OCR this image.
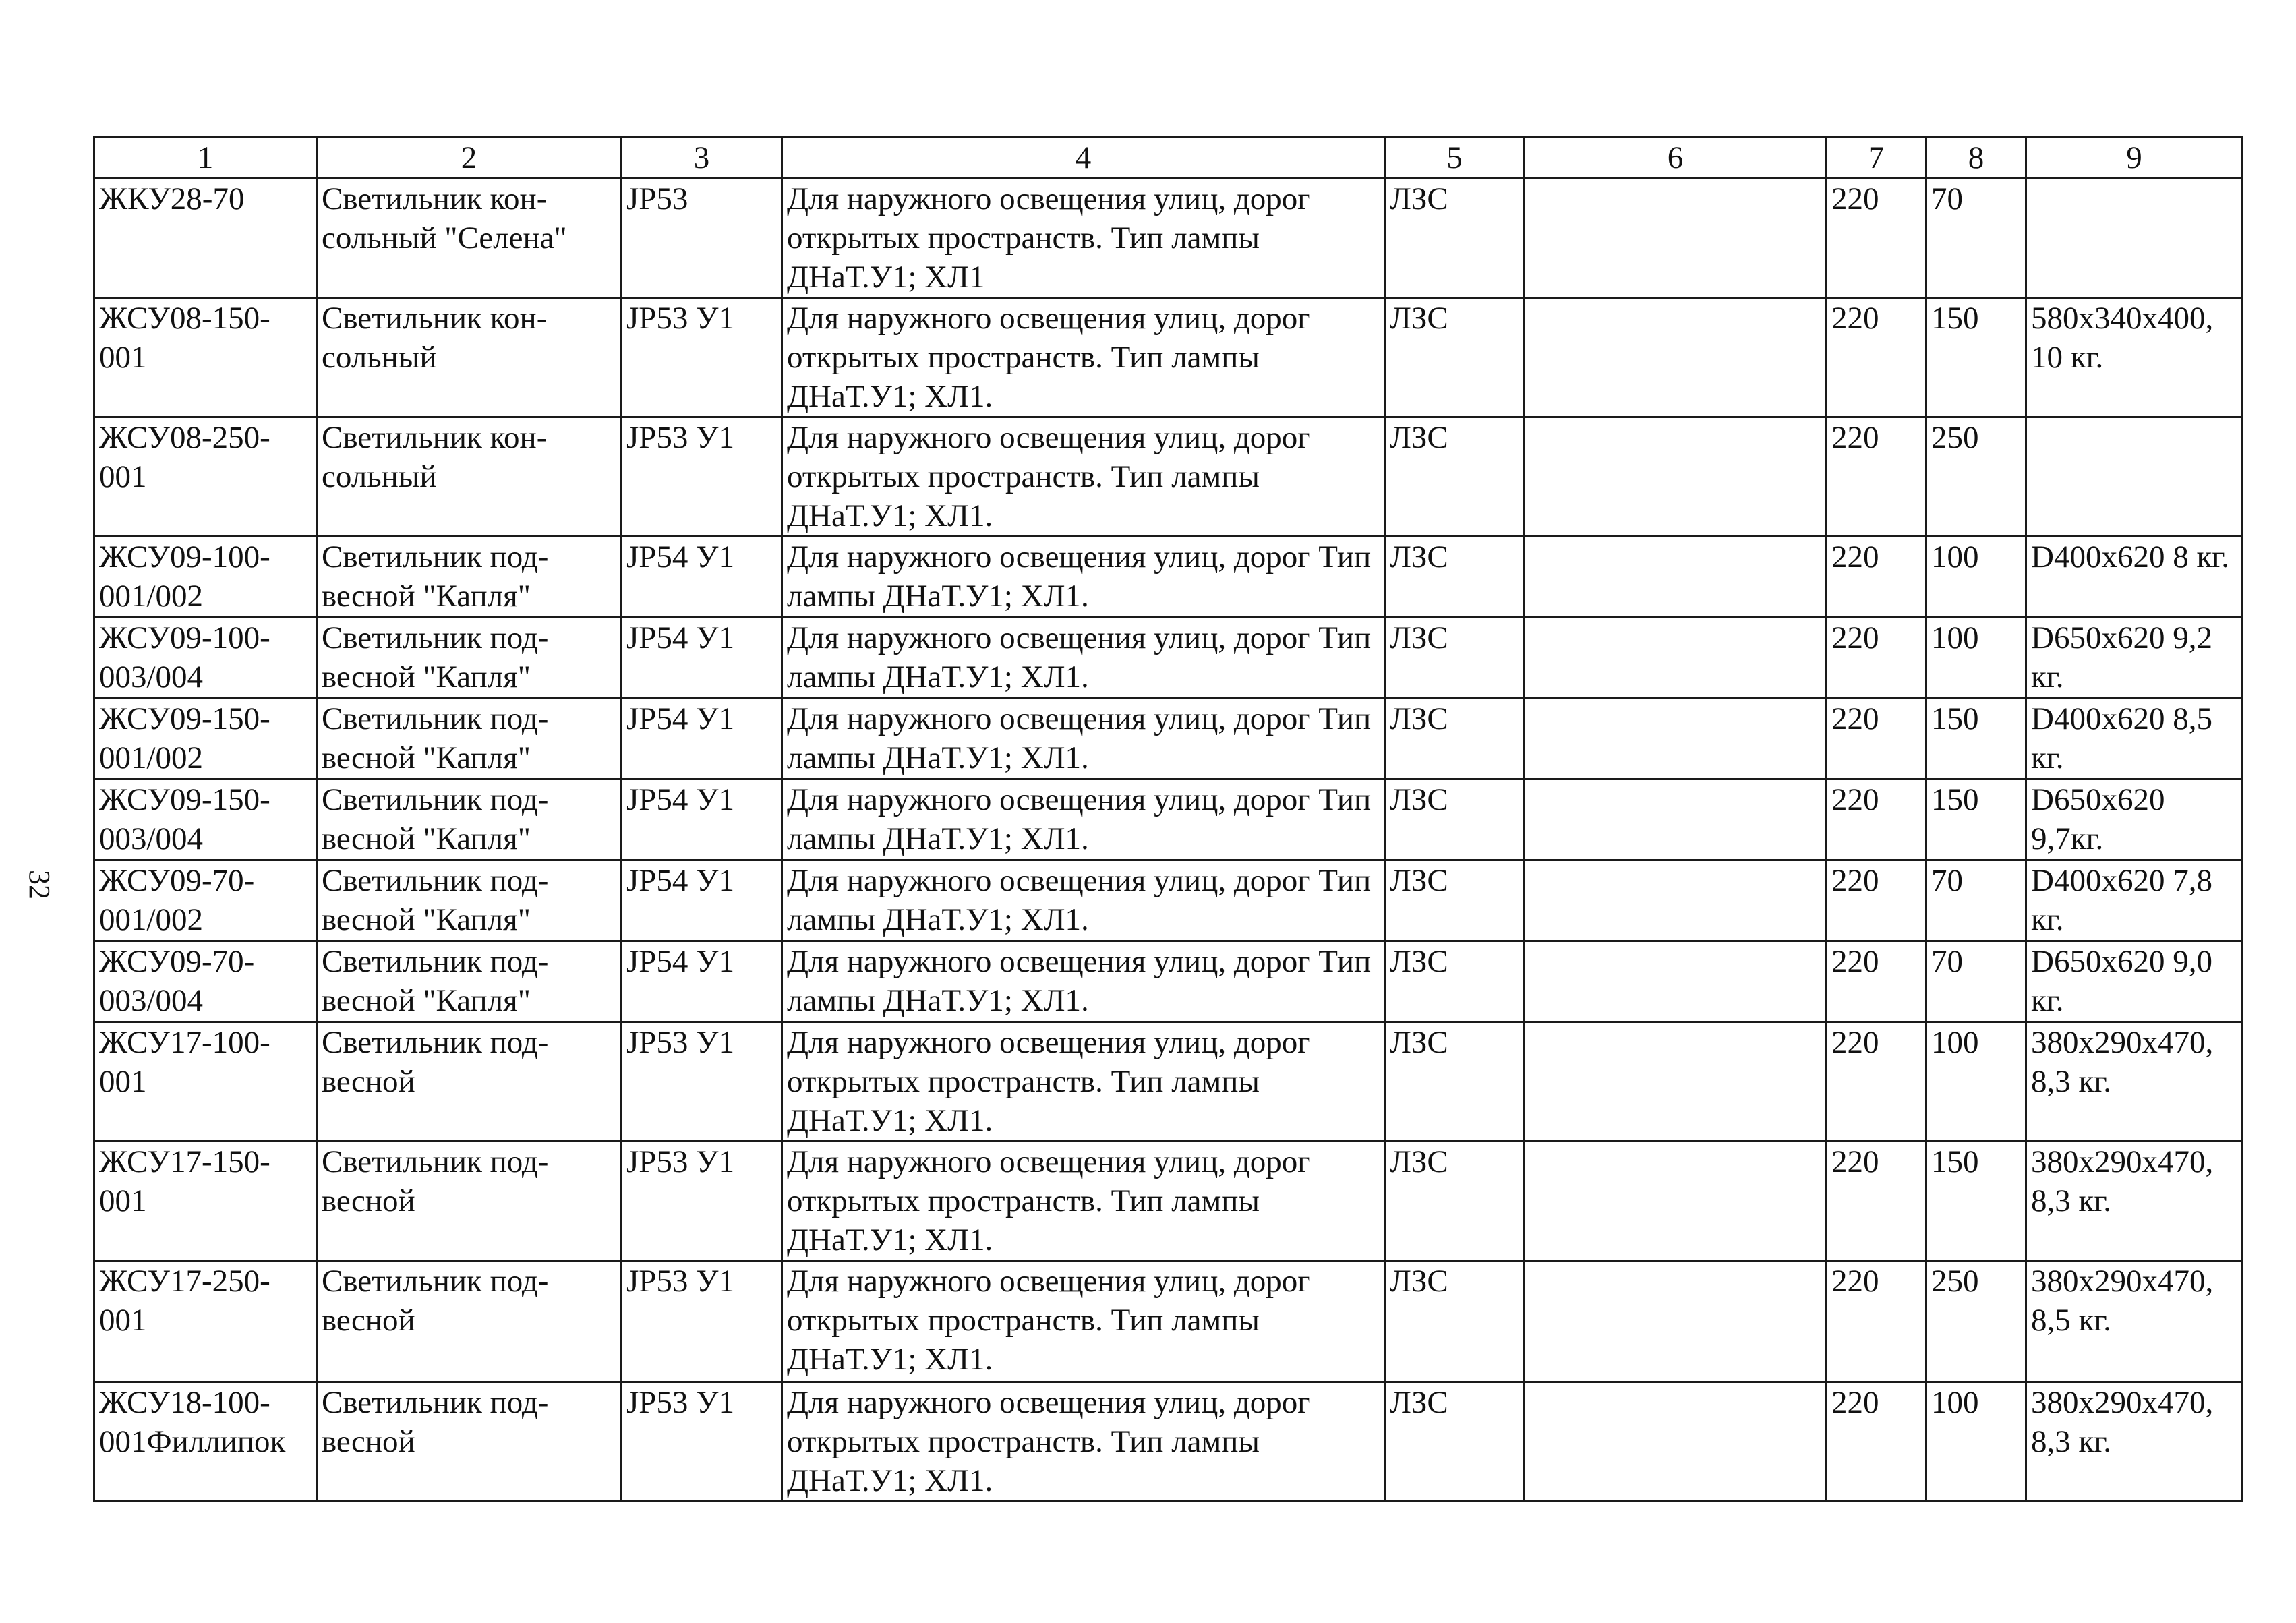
32
1	2	3	4	5	6	7	8	9
ЖКУ28-70	Светильник кон-сольный "Селена"	JP53	Для наружного освещения улиц, дорог открытых пространств. Тип лампы ДНаТ.У1; ХЛ1	ЛЗС		220	70	
ЖСУ08-150-001	Светильник кон-сольный	JP53 У1	Для наружного освещения улиц, дорог открытых пространств. Тип лампы ДНаТ.У1; ХЛ1.	ЛЗС		220	150	580х340х400, 10 кг.
ЖСУ08-250-001	Светильник кон-сольный	JP53 У1	Для наружного освещения улиц, дорог открытых пространств. Тип лампы ДНаТ.У1; ХЛ1.	ЛЗС		220	250	
ЖСУ09-100-001/002	Светильник под-весной "Капля"	JP54 У1	Для наружного освещения улиц, дорог Тип лампы ДНаТ.У1; ХЛ1.	ЛЗС		220	100	D400х620 8 кг.
ЖСУ09-100-003/004	Светильник под-весной "Капля"	JP54 У1	Для наружного освещения улиц, дорог Тип лампы ДНаТ.У1; ХЛ1.	ЛЗС		220	100	D650х620 9,2 кг.
ЖСУ09-150-001/002	Светильник под-весной "Капля"	JP54 У1	Для наружного освещения улиц, дорог Тип лампы ДНаТ.У1; ХЛ1.	ЛЗС		220	150	D400х620 8,5 кг.
ЖСУ09-150-003/004	Светильник под-весной "Капля"	JP54 У1	Для наружного освещения улиц, дорог Тип лампы ДНаТ.У1; ХЛ1.	ЛЗС		220	150	D650х620 9,7кг.
ЖСУ09-70-001/002	Светильник под-весной "Капля"	JP54 У1	Для наружного освещения улиц, дорог Тип лампы ДНаТ.У1; ХЛ1.	ЛЗС		220	70	D400х620 7,8 кг.
ЖСУ09-70-003/004	Светильник под-весной "Капля"	JP54 У1	Для наружного освещения улиц, дорог Тип лампы ДНаТ.У1; ХЛ1.	ЛЗС		220	70	D650х620 9,0 кг.
ЖСУ17-100-001	Светильник под-весной	JP53 У1	Для наружного освещения улиц, дорог открытых пространств. Тип лампы ДНаТ.У1; ХЛ1.	ЛЗС		220	100	380х290х470, 8,3 кг.
ЖСУ17-150-001	Светильник под-весной	JP53 У1	Для наружного освещения улиц, дорог открытых пространств. Тип лампы ДНаТ.У1; ХЛ1.	ЛЗС		220	150	380х290х470, 8,3 кг.
ЖСУ17-250-001	Светильник под-весной	JP53 У1	Для наружного освещения улиц, дорог открытых пространств. Тип лампы ДНаТ.У1; ХЛ1.	ЛЗС		220	250	380х290х470, 8,5 кг.
ЖСУ18-100-001Филлипок	Светильник под-весной	JP53 У1	Для наружного освещения улиц, дорог открытых пространств. Тип лампы ДНаТ.У1; ХЛ1.	ЛЗС		220	100	380х290х470, 8,3 кг.
